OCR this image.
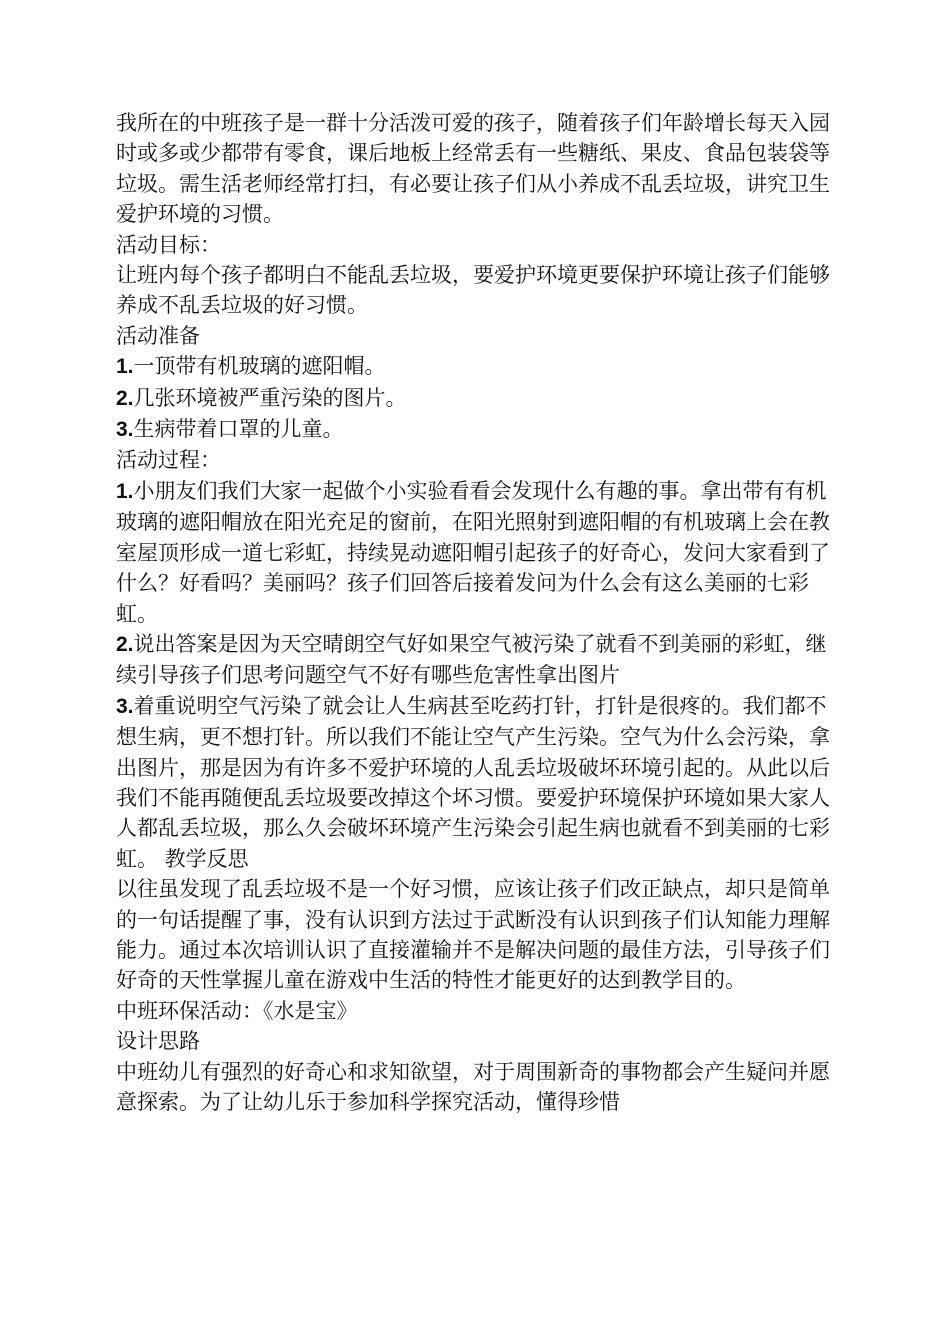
我所在的中班孩子是一群十分活泼可爱的孩子，随着孩子们年龄增长每天入园时或多或少都带有零食，课后地板上经常丢有一些糖纸、果皮、食品包装袋等垃圾。需生活老师经常打扫，有必要让孩子们从小养成不乱丢垃圾，讲究卫生爱护环境的习惯。

活动目标：

让班内每个孩子都明白不能乱丢垃圾，要爱护环境更要保护环境让孩子们能够养成不乱丢垃圾的好习惯。

活动准备

1.一顶带有机玻璃的遮阳帽。

2.几张环境被严重污染的图片。

3.生病带着口罩的儿童。

活动过程：

1.小朋友们我们大家一起做个小实验看看会发现什么有趣的事。拿出带有有机玻璃的遮阳帽放在阳光充足的窗前，在阳光照射到遮阳帽的有机玻璃上会在教室屋顶形成一道七彩虹，持续晃动遮阳帽引起孩子的好奇心，发问大家看到了什么？好看吗？美丽吗？孩子们回答后接着发问为什么会有这么美丽的七彩虹。

2.说出答案是因为天空晴朗空气好如果空气被污染了就看不到美丽的彩虹，继续引导孩子们思考问题空气不好有哪些危害性拿出图片

3.着重说明空气污染了就会让人生病甚至吃药打针，打针是很疼的。我们都不想生病，更不想打针。所以我们不能让空气产生污染。空气为什么会污染，拿出图片，那是因为有许多不爱护环境的人乱丢垃圾破坏环境引起的。从此以后我们不能再随便乱丢垃圾要改掉这个坏习惯。要爱护环境保护环境如果大家人人都乱丢垃圾，那么久会破坏环境产生污染会引起生病也就看不到美丽的七彩虹。 教学反思

以往虽发现了乱丢垃圾不是一个好习惯，应该让孩子们改正缺点，却只是简单的一句话提醒了事，没有认识到方法过于武断没有认识到孩子们认知能力理解能力。通过本次培训认识了直接灌输并不是解决问题的最佳方法，引导孩子们好奇的天性掌握儿童在游戏中生活的特性才能更好的达到教学目的。

中班环保活动：《水是宝》

设计思路

中班幼儿有强烈的好奇心和求知欲望，对于周围新奇的事物都会产生疑问并愿意探索。为了让幼儿乐于参加科学探究活动，懂得珍惜
